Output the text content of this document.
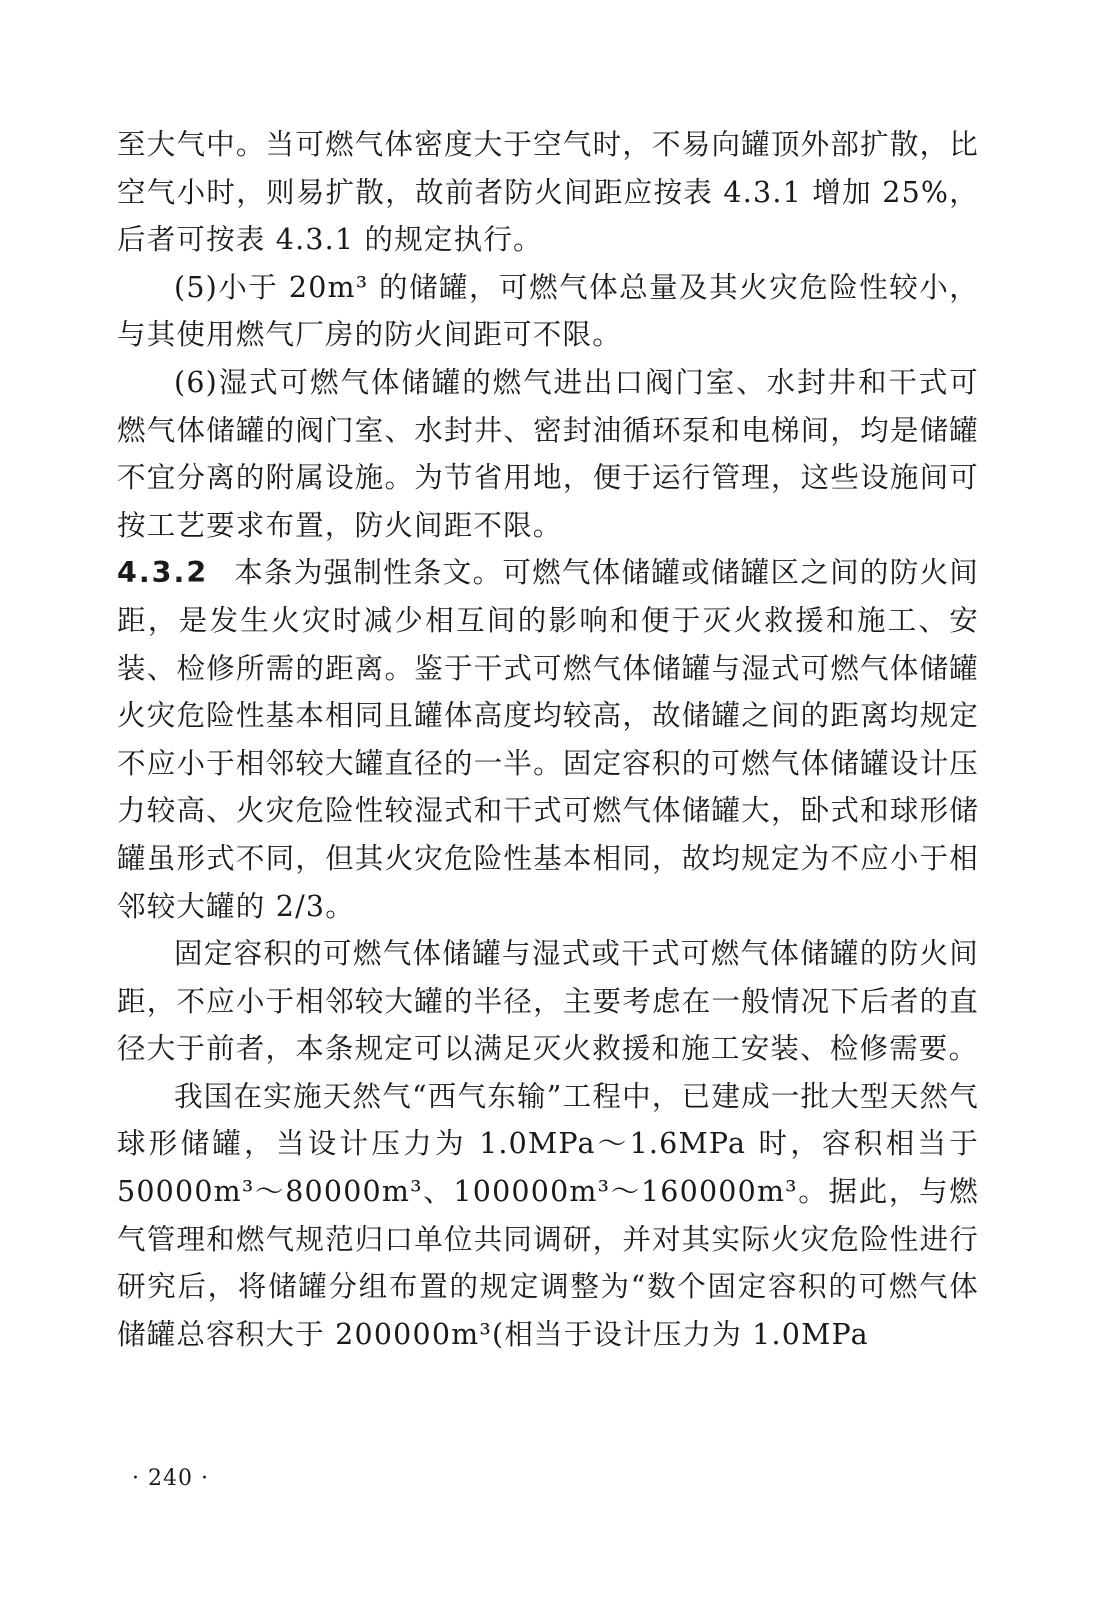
至大气中。当可燃气体密度大于空气时，不易向罐顶外部扩散，比空气小时，则易扩散，故前者防火间距应按表 4.3.1 增加 25%，后者可按表 4.3.1 的规定执行。

(5)小于 20m³ 的储罐，可燃气体总量及其火灾危险性较小，与其使用燃气厂房的防火间距可不限。

(6)湿式可燃气体储罐的燃气进出口阀门室、水封井和干式可燃气体储罐的阀门室、水封井、密封油循环泵和电梯间，均是储罐不宜分离的附属设施。为节省用地，便于运行管理，这些设施间可按工艺要求布置，防火间距不限。

4.3.2 本条为强制性条文。可燃气体储罐或储罐区之间的防火间距，是发生火灾时减少相互间的影响和便于灭火救援和施工、安装、检修所需的距离。鉴于干式可燃气体储罐与湿式可燃气体储罐火灾危险性基本相同且罐体高度均较高，故储罐之间的距离均规定不应小于相邻较大罐直径的一半。固定容积的可燃气体储罐设计压力较高、火灾危险性较湿式和干式可燃气体储罐大，卧式和球形储罐虽形式不同，但其火灾危险性基本相同，故均规定为不应小于相邻较大罐的 2/3。

固定容积的可燃气体储罐与湿式或干式可燃气体储罐的防火间距，不应小于相邻较大罐的半径，主要考虑在一般情况下后者的直径大于前者，本条规定可以满足灭火救援和施工安装、检修需要。

我国在实施天然气“西气东输”工程中，已建成一批大型天然气球形储罐，当设计压力为 1.0MPa～1.6MPa 时，容积相当于 50000m³～80000m³、100000m³～160000m³。据此，与燃气管理和燃气规范归口单位共同调研，并对其实际火灾危险性进行研究后，将储罐分组布置的规定调整为“数个固定容积的可燃气体储罐总容积大于 200000m³(相当于设计压力为 1.0MPa

· 240 ·
